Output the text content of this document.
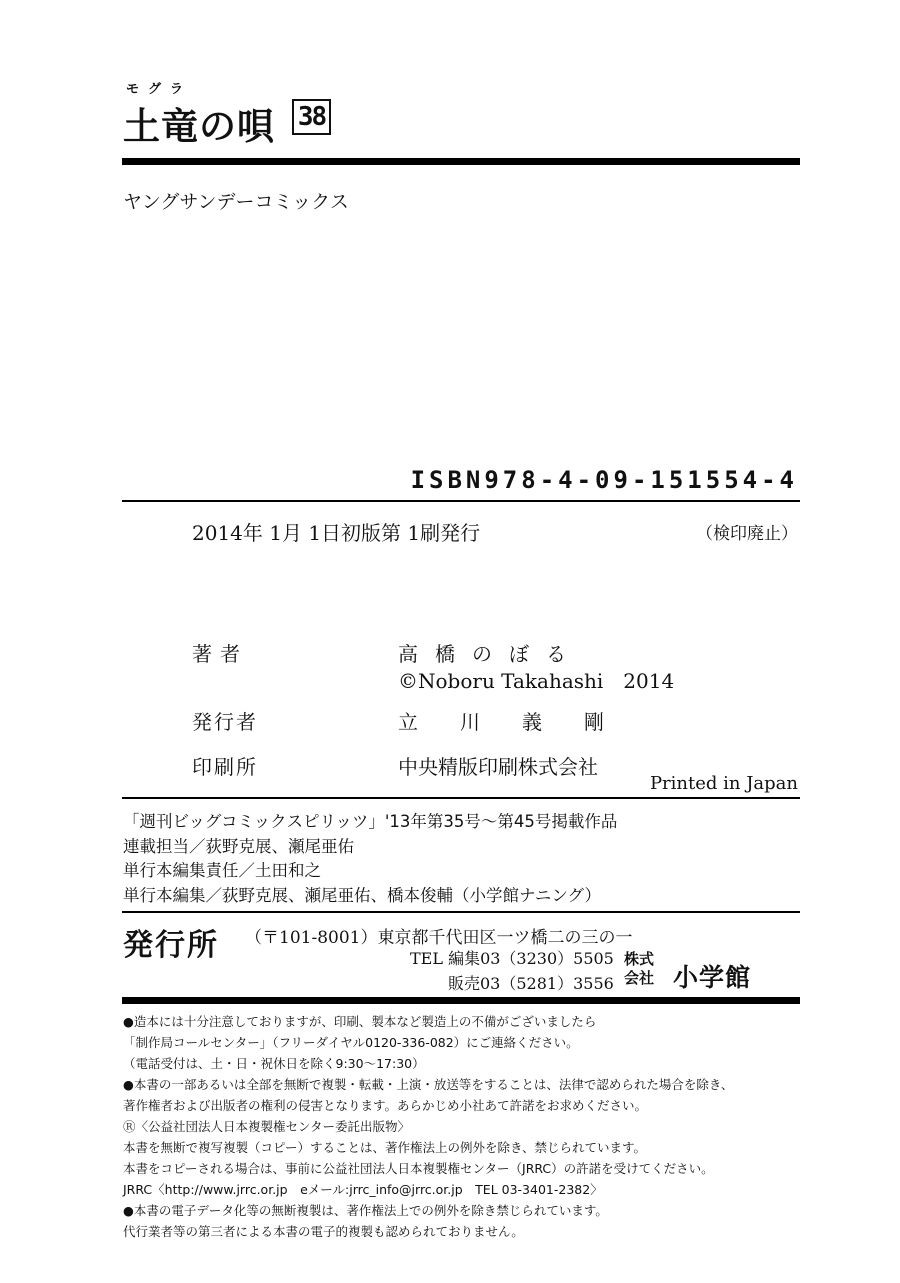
モグラ
土竜の唄 38
ヤングサンデーコミックス
ISBN978-4-09-151554-4
2014年 1月 1日初版第 1刷発行	（検印廃止）
著者	高橋のぼる
©Noboru Takahashi　2014
発行者	立川義剛
印刷所	中央精版印刷株式会社
Printed in Japan
「週刊ビッグコミックスピリッツ」'13年第35号〜第45号掲載作品
連載担当／荻野克展、瀬尾亜佑
単行本編集責任／土田和之
単行本編集／荻野克展、瀬尾亜佑、橋本俊輔（小学館ナニング）
発行所 （〒101-8001）東京都千代田区一ツ橋二の三の一
TEL 編集03（3230）5505
販売03（5281）3556
株式
会社 小学館
●造本には十分注意しておりますが、印刷、製本など製造上の不備がございましたら
「制作局コールセンター」（フリーダイヤル0120-336-082）にご連絡ください。
（電話受付は、土・日・祝休日を除く9:30〜17:30）
●本書の一部あるいは全部を無断で複製・転載・上演・放送等をすることは、法律で認められた場合を除き、
著作権者および出版者の権利の侵害となります。あらかじめ小社あて許諾をお求めください。
Ⓡ〈公益社団法人日本複製権センター委託出版物〉
本書を無断で複写複製（コピー）することは、著作権法上の例外を除き、禁じられています。
本書をコピーされる場合は、事前に公益社団法人日本複製権センター（JRRC）の許諾を受けてください。
JRRC〈http://www.jrrc.or.jp　eメール:jrrc_info@jrrc.or.jp　TEL 03-3401-2382〉
●本書の電子データ化等の無断複製は、著作権法上での例外を除き禁じられています。
代行業者等の第三者による本書の電子的複製も認められておりません。
